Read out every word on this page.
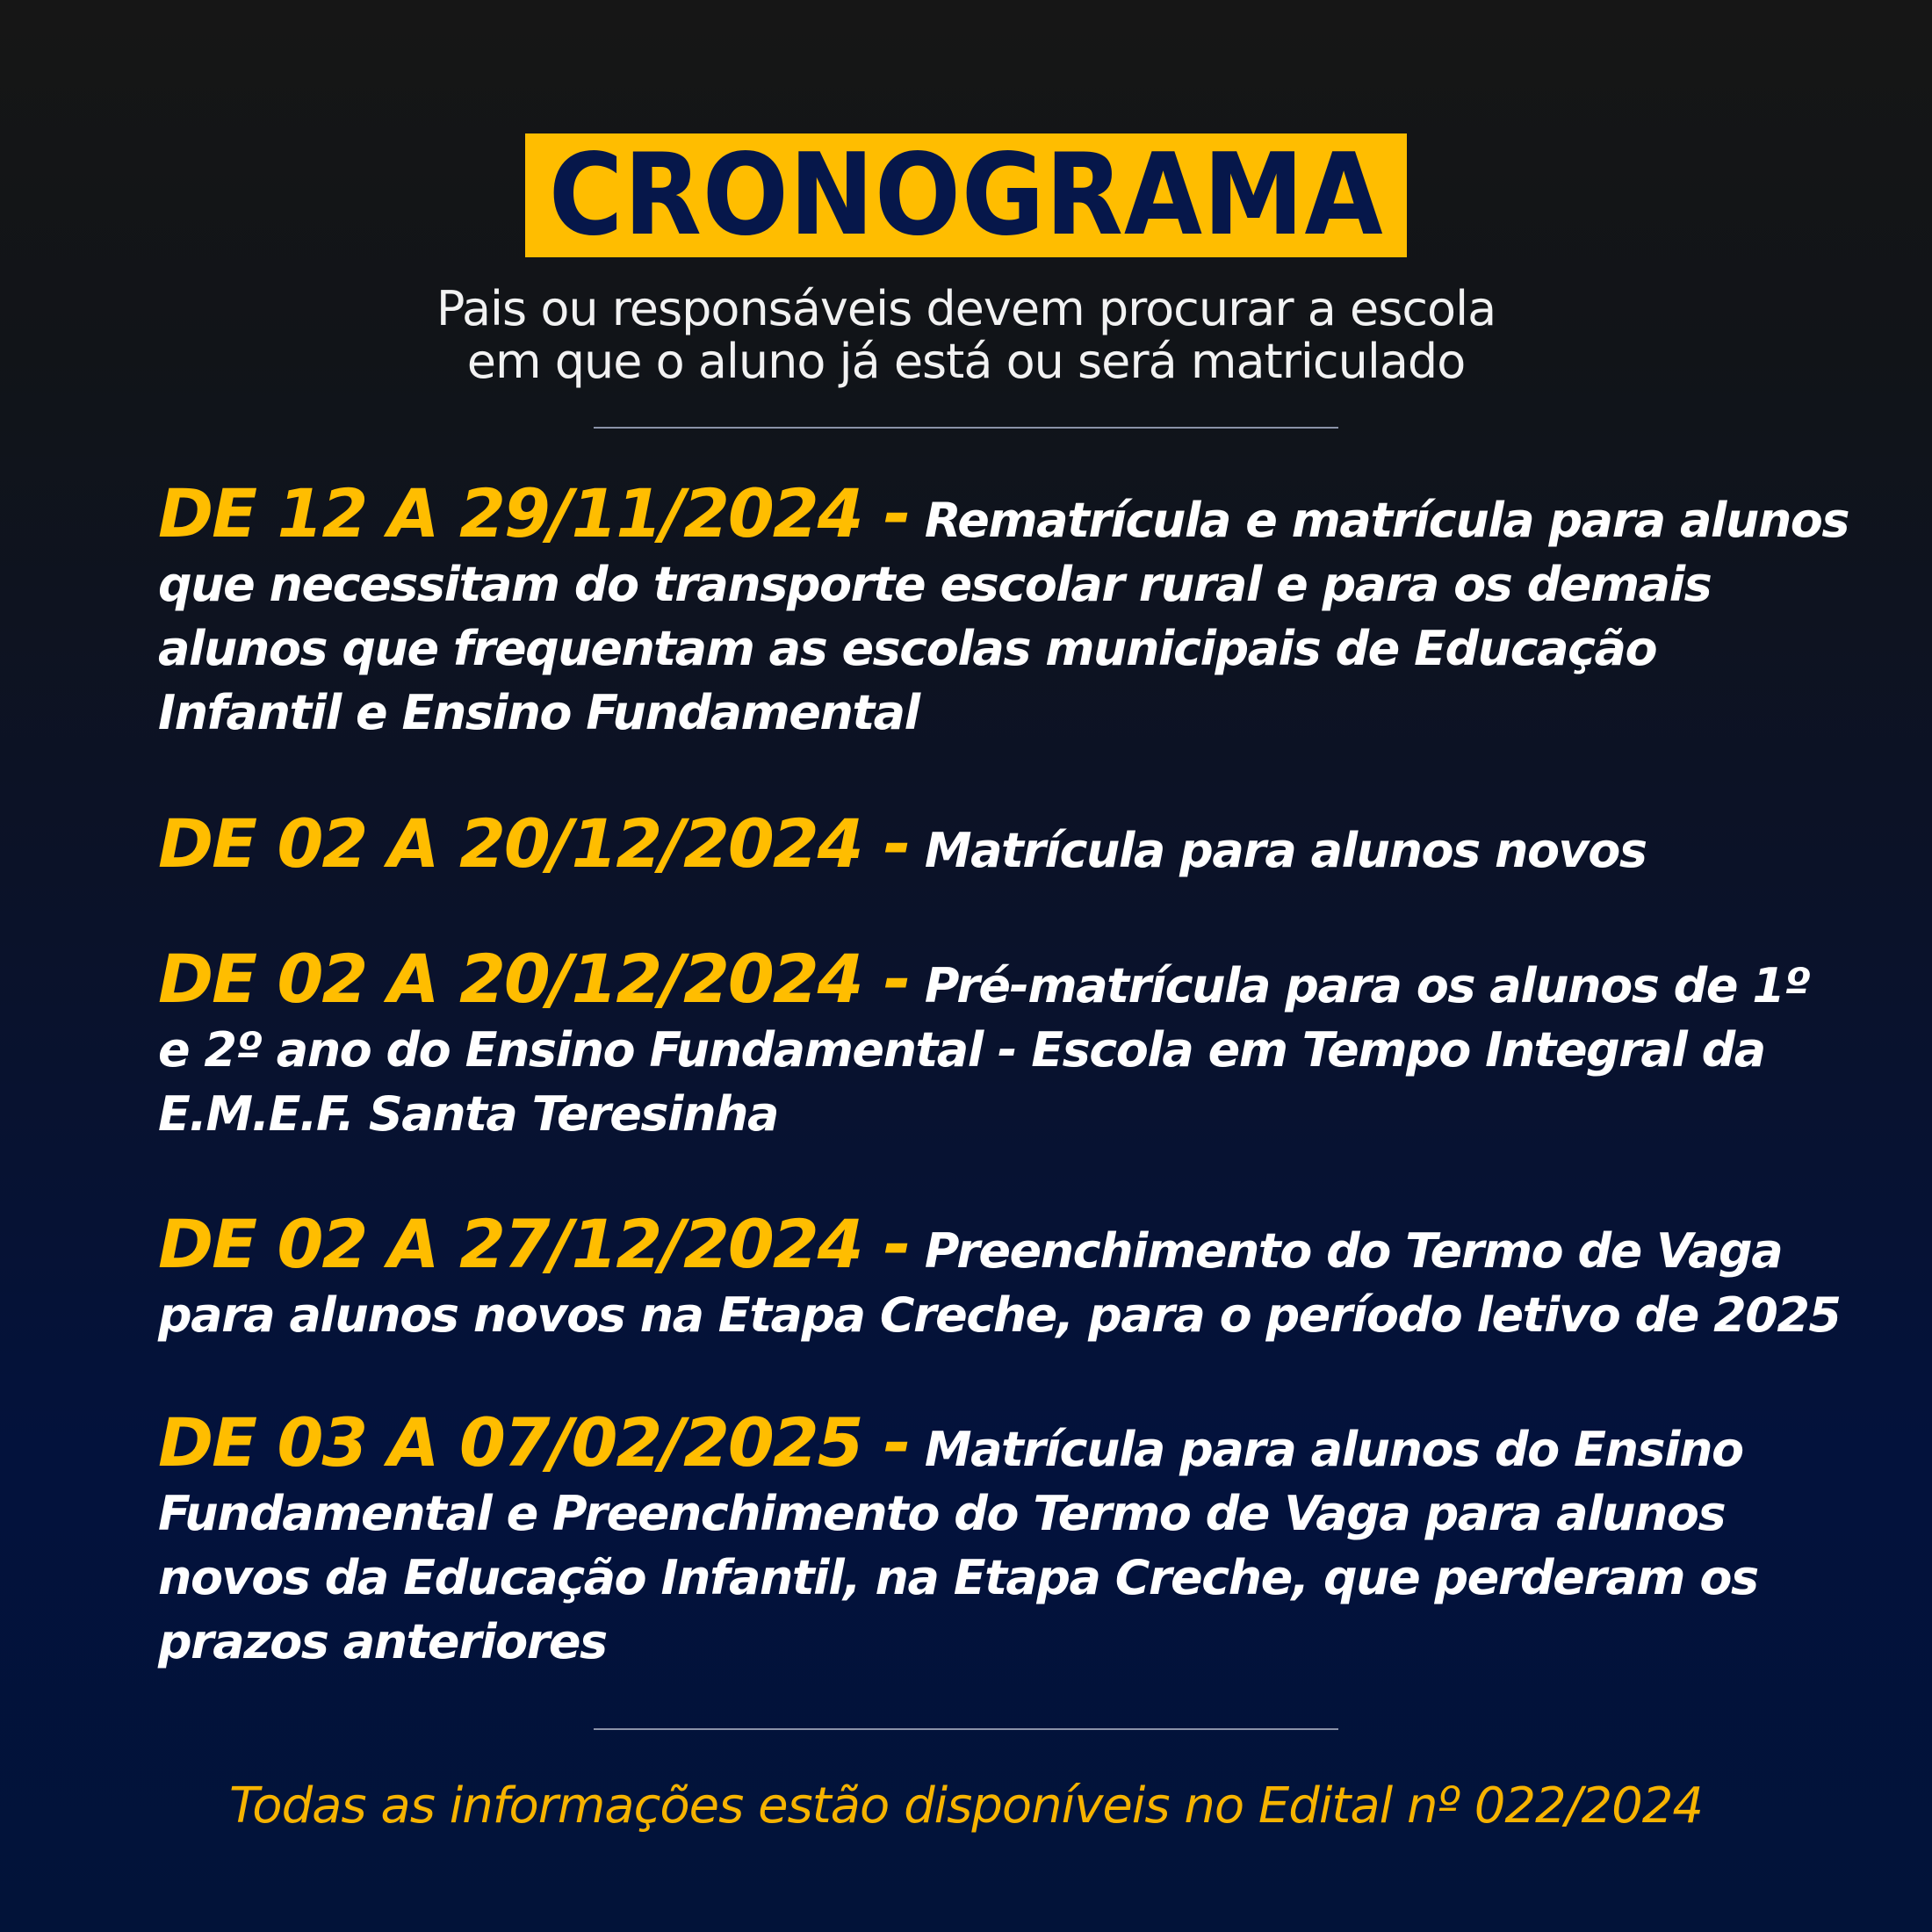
CRONOGRAMA
Pais ou responsáveis devem procurar a escola
em que o aluno já está ou será matriculado
DE 12 A 29/11/2024 - Rematrícula e matrícula para alunos que necessitam do transporte escolar rural e para os demais alunos que frequentam as escolas municipais de Educação Infantil e Ensino Fundamental
DE 02 A 20/12/2024 - Matrícula para alunos novos
DE 02 A 20/12/2024 - Pré-matrícula para os alunos de 1º e 2º ano do Ensino Fundamental - Escola em Tempo Integral da E.M.E.F. Santa Teresinha
DE 02 A 27/12/2024 - Preenchimento do Termo de Vaga para alunos novos na Etapa Creche, para o período letivo de 2025
DE 03 A 07/02/2025 - Matrícula para alunos do Ensino Fundamental e Preenchimento do Termo de Vaga para alunos novos da Educação Infantil, na Etapa Creche, que perderam os prazos anteriores
Todas as informações estão disponíveis no Edital nº 022/2024
